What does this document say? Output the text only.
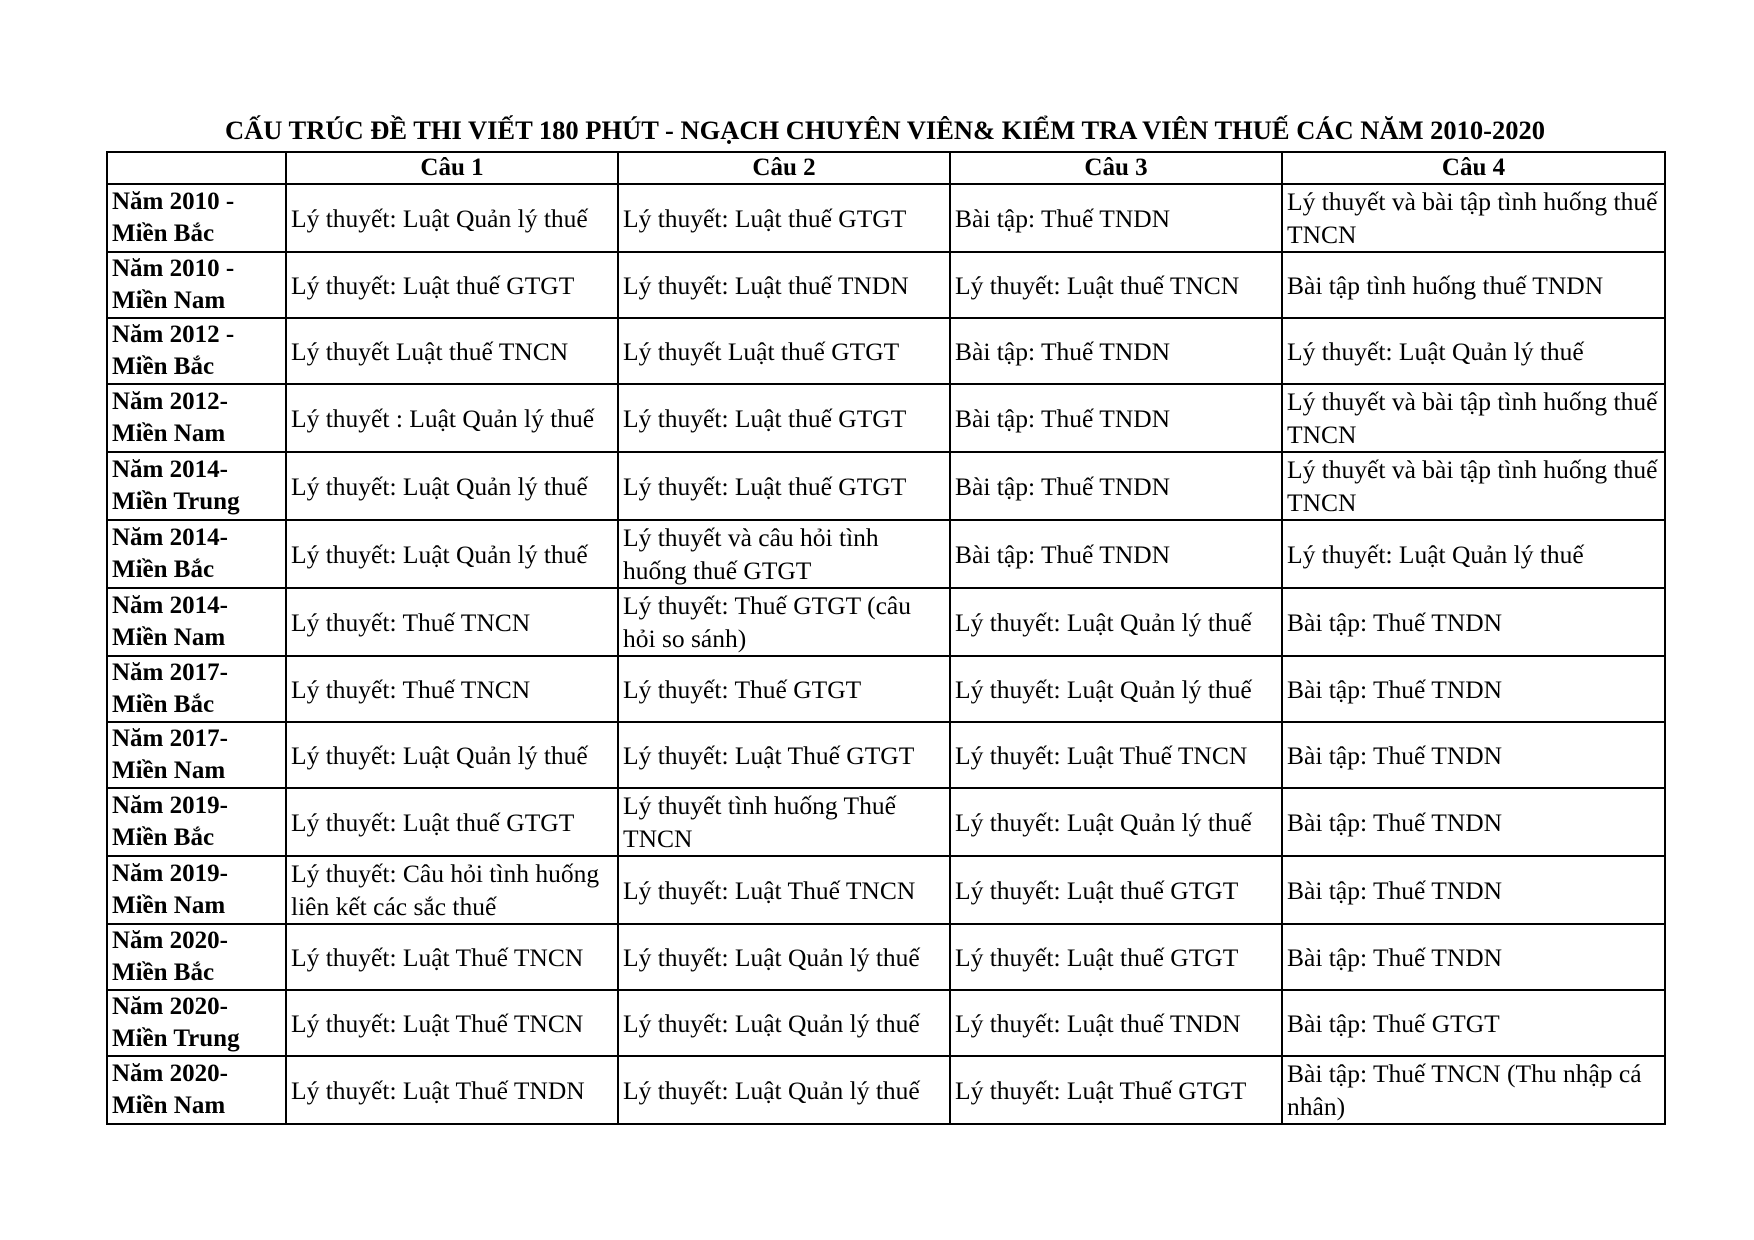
CẤU TRÚC ĐỀ THI VIẾT 180 PHÚT - NGẠCH CHUYÊN VIÊN& KIỂM TRA VIÊN THUẾ CÁC NĂM 2010-2020
	Câu 1	Câu 2	Câu 3	Câu 4

Năm 2010 -
Miền Bắc	Lý thuyết: Luật Quản lý thuế	Lý thuyết: Luật thuế GTGT	Bài tập: Thuế TNDN	Lý thuyết và bài tập tình huống thuế TNCN

Năm 2010 -
Miền Nam	Lý thuyết: Luật thuế GTGT	Lý thuyết: Luật thuế TNDN	Lý thuyết: Luật thuế TNCN	Bài tập tình huống thuế TNDN

Năm 2012 -
Miền Bắc	Lý thuyết Luật thuế TNCN	Lý thuyết Luật thuế GTGT	Bài tập: Thuế TNDN	Lý thuyết: Luật Quản lý thuế

Năm 2012-
Miền Nam	Lý thuyết : Luật Quản lý thuế	Lý thuyết: Luật thuế GTGT	Bài tập: Thuế TNDN	Lý thuyết và bài tập tình huống thuế TNCN

Năm 2014-
Miền Trung	Lý thuyết: Luật Quản lý thuế	Lý thuyết: Luật thuế GTGT	Bài tập: Thuế TNDN	Lý thuyết và bài tập tình huống thuế TNCN

Năm 2014-
Miền Bắc	Lý thuyết: Luật Quản lý thuế	Lý thuyết và câu hỏi tình huống thuế GTGT	Bài tập: Thuế TNDN	Lý thuyết: Luật Quản lý thuế

Năm 2014-
Miền Nam	Lý thuyết: Thuế TNCN	Lý thuyết: Thuế GTGT (câu hỏi so sánh)	Lý thuyết: Luật Quản lý thuế	Bài tập: Thuế TNDN

Năm 2017-
Miền Bắc	Lý thuyết: Thuế TNCN	Lý thuyết: Thuế GTGT	Lý thuyết: Luật Quản lý thuế	Bài tập: Thuế TNDN

Năm 2017-
Miền Nam	Lý thuyết: Luật Quản lý thuế	Lý thuyết: Luật Thuế GTGT	Lý thuyết: Luật Thuế TNCN	Bài tập: Thuế TNDN

Năm 2019-
Miền Bắc	Lý thuyết: Luật thuế GTGT	Lý thuyết tình huống Thuế TNCN	Lý thuyết: Luật Quản lý thuế	Bài tập: Thuế TNDN

Năm 2019-
Miền Nam	Lý thuyết: Câu hỏi tình huống liên kết các sắc thuế	Lý thuyết: Luật Thuế TNCN	Lý thuyết: Luật thuế GTGT	Bài tập: Thuế TNDN

Năm 2020-
Miền Bắc	Lý thuyết: Luật Thuế TNCN	Lý thuyết: Luật Quản lý thuế	Lý thuyết: Luật thuế GTGT	Bài tập: Thuế TNDN

Năm 2020-
Miền Trung	Lý thuyết: Luật Thuế TNCN	Lý thuyết: Luật Quản lý thuế	Lý thuyết: Luật thuế TNDN	Bài tập: Thuế GTGT

Năm 2020-
Miền Nam	Lý thuyết: Luật Thuế TNDN	Lý thuyết: Luật Quản lý thuế	Lý thuyết: Luật Thuế GTGT	Bài tập: Thuế TNCN (Thu nhập cá nhân)
